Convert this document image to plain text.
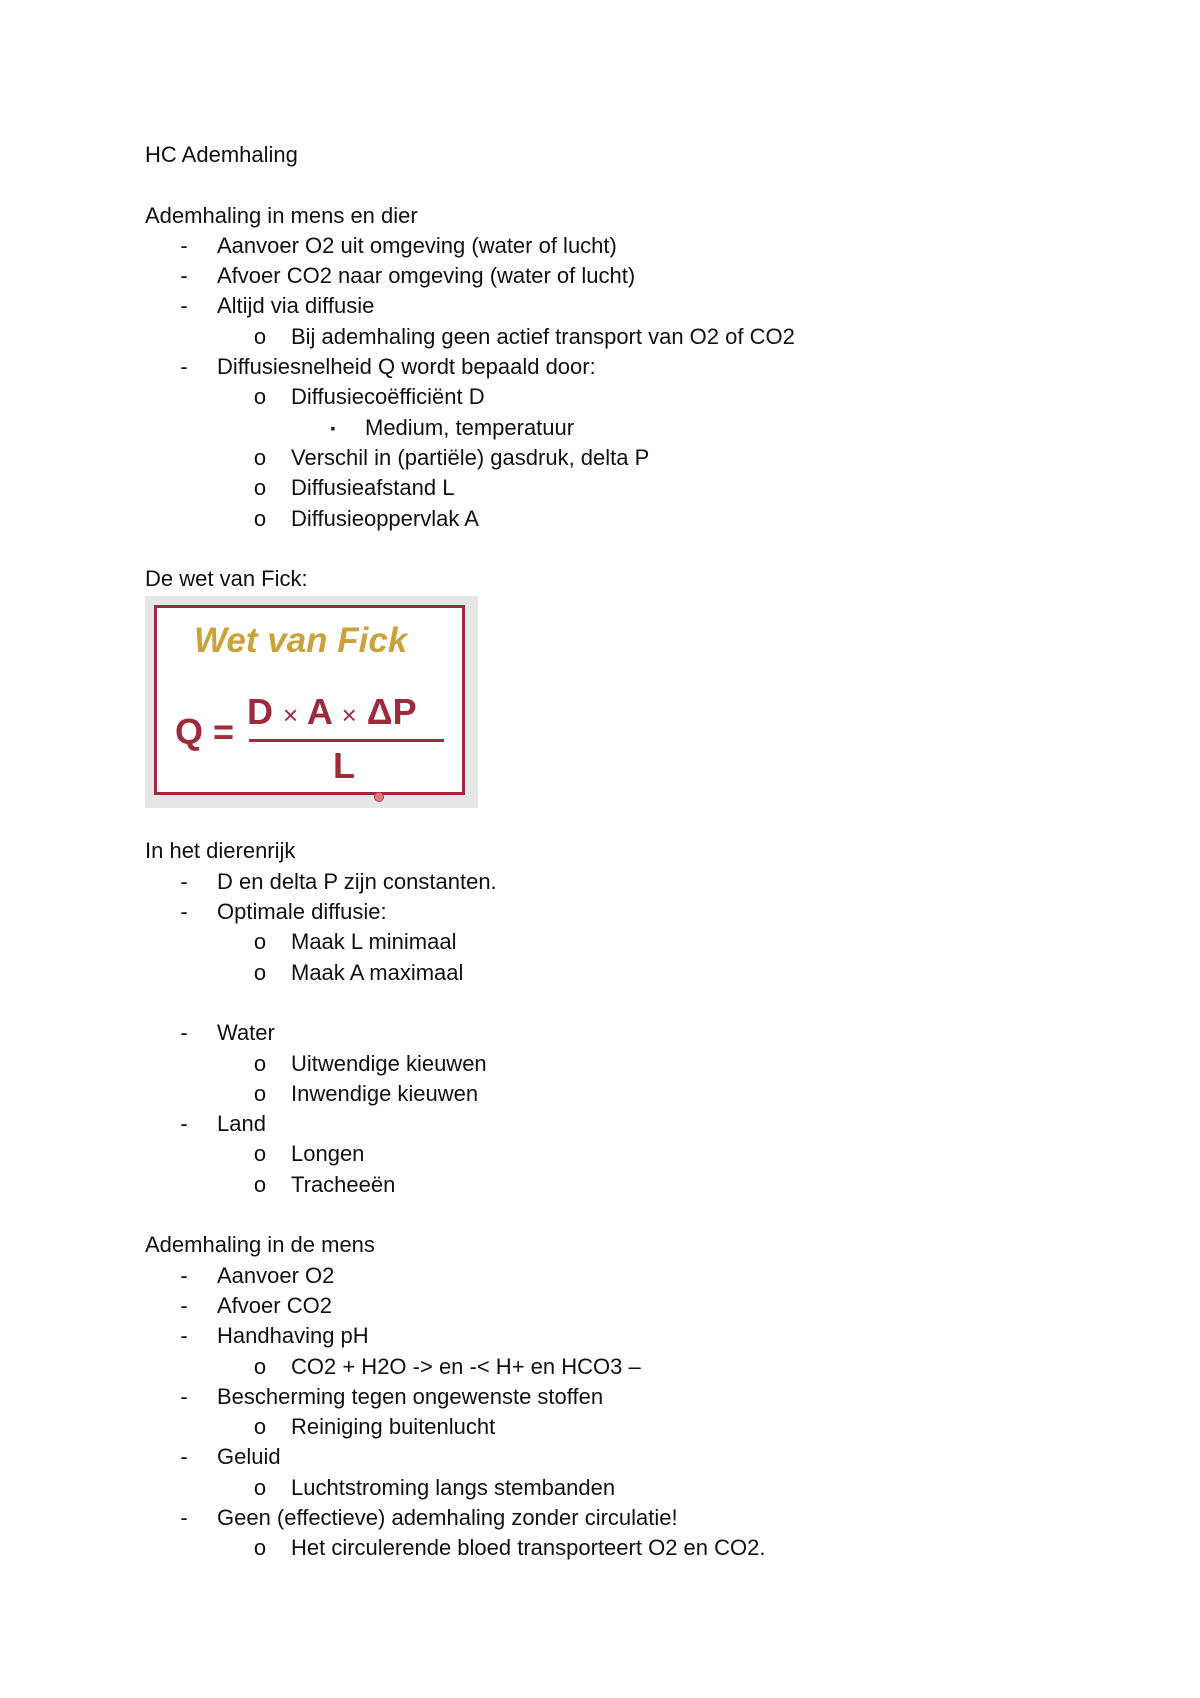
HC Ademhaling
Ademhaling in mens en dier
- Aanvoer O2 uit omgeving (water of lucht)
- Afvoer CO2 naar omgeving (water of lucht)
- Altijd via diffusie
o Bij ademhaling geen actief transport van O2 of CO2
- Diffusiesnelheid Q wordt bepaald door:
o Diffusiecoëfficiënt D
▪ Medium, temperatuur
o Verschil in (partiële) gasdruk, delta P
o Diffusieafstand L
o Diffusieoppervlak A
De wet van Fick:
Wet van Fick
Q = D × A × ΔP
L
In het dierenrijk
- D en delta P zijn constanten.
- Optimale diffusie:
o Maak L minimaal
o Maak A maximaal
- Water
o Uitwendige kieuwen
o Inwendige kieuwen
- Land
o Longen
o Tracheeën
Ademhaling in de mens
- Aanvoer O2
- Afvoer CO2
- Handhaving pH
o CO2 + H2O -> en -< H+ en HCO3 –
- Bescherming tegen ongewenste stoffen
o Reiniging buitenlucht
- Geluid
o Luchtstroming langs stembanden
- Geen (effectieve) ademhaling zonder circulatie!
o Het circulerende bloed transporteert O2 en CO2.
